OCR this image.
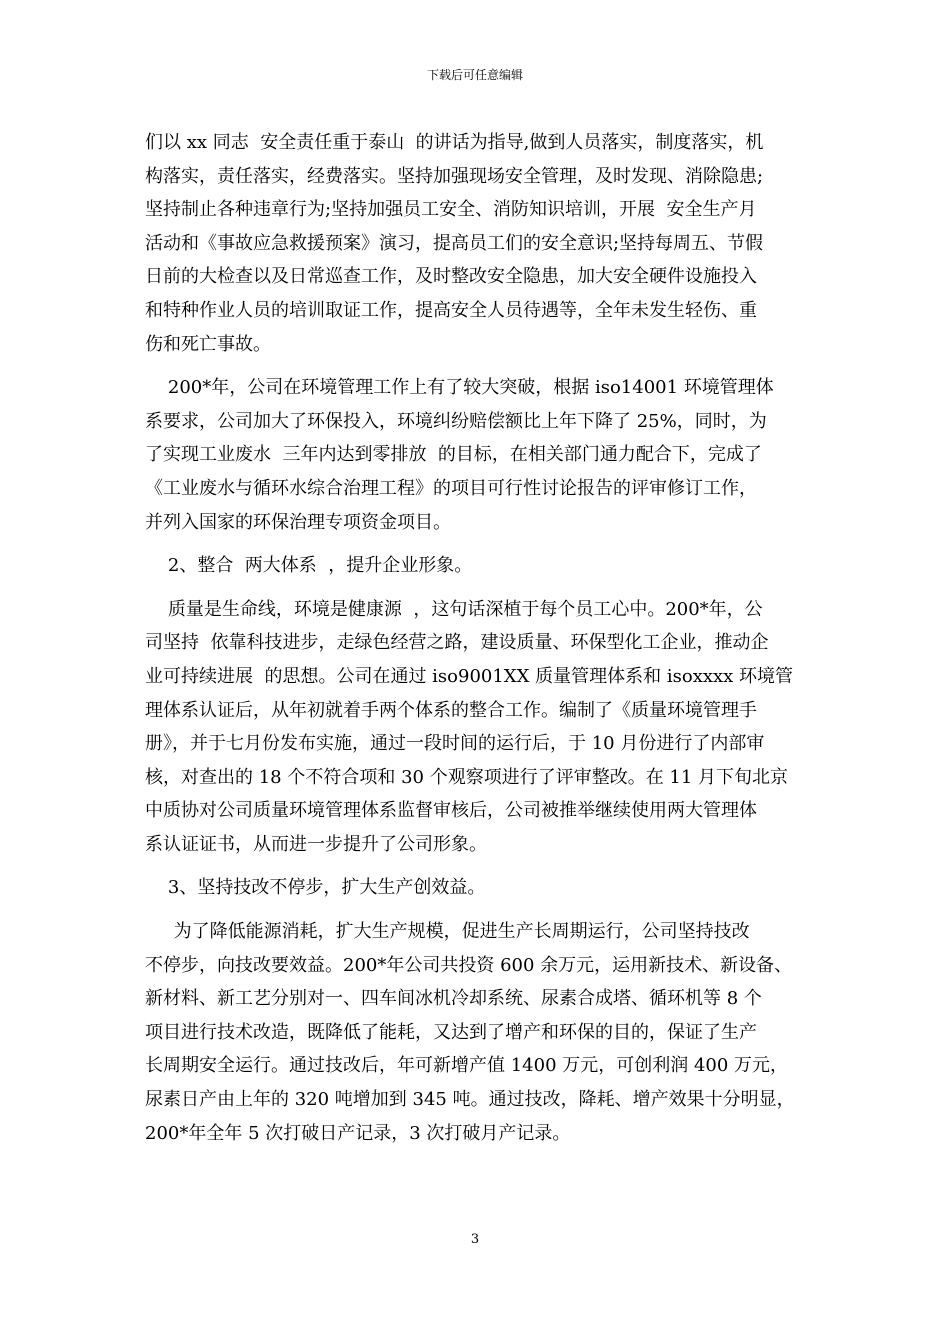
下载后可任意编辑
们以 xx 同志  安全责任重于泰山  的讲话为指导,做到人员落实，制度落实，机
构落实，责任落实，经费落实。坚持加强现场安全管理，及时发现、消除隐患;
坚持制止各种违章行为;坚持加强员工安全、消防知识培训，开展  安全生产月
活动和《事故应急救援预案》演习，提高员工们的安全意识;坚持每周五、节假
日前的大检查以及日常巡查工作，及时整改安全隐患，加大安全硬件设施投入
和特种作业人员的培训取证工作，提高安全人员待遇等，全年未发生轻伤、重
伤和死亡事故。
200*年，公司在环境管理工作上有了较大突破，根据 iso14001 环境管理体
系要求，公司加大了环保投入，环境纠纷赔偿额比上年下降了 25%，同时，为
了实现工业废水  三年内达到零排放  的目标，在相关部门通力配合下，完成了
《工业废水与循环水综合治理工程》的项目可行性讨论报告的评审修订工作，
并列入国家的环保治理专项资金项目。
2、整合  两大体系  ，提升企业形象。
质量是生命线，环境是健康源  ，这句话深植于每个员工心中。200*年，公
司坚持  依靠科技进步，走绿色经营之路，建设质量、环保型化工企业，推动企
业可持续进展  的思想。公司在通过 iso9001XX 质量管理体系和 isoxxxx 环境管
理体系认证后，从年初就着手两个体系的整合工作。编制了《质量环境管理手
册》，并于七月份发布实施，通过一段时间的运行后，于 10 月份进行了内部审
核，对查出的 18 个不符合项和 30 个观察项进行了评审整改。在 11 月下旬北京
中质协对公司质量环境管理体系监督审核后，公司被推举继续使用两大管理体
系认证证书，从而进一步提升了公司形象。
3、坚持技改不停步，扩大生产创效益。
为了降低能源消耗，扩大生产规模，促进生产长周期运行，公司坚持技改
不停步，向技改要效益。200*年公司共投资 600 余万元，运用新技术、新设备、
新材料、新工艺分别对一、四车间冰机冷却系统、尿素合成塔、循环机等 8 个
项目进行技术改造，既降低了能耗，又达到了增产和环保的目的，保证了生产
长周期安全运行。通过技改后，年可新增产值 1400 万元，可创利润 400 万元，
尿素日产由上年的 320 吨增加到 345 吨。通过技改，降耗、增产效果十分明显，
200*年全年 5 次打破日产记录，3 次打破月产记录。
3
